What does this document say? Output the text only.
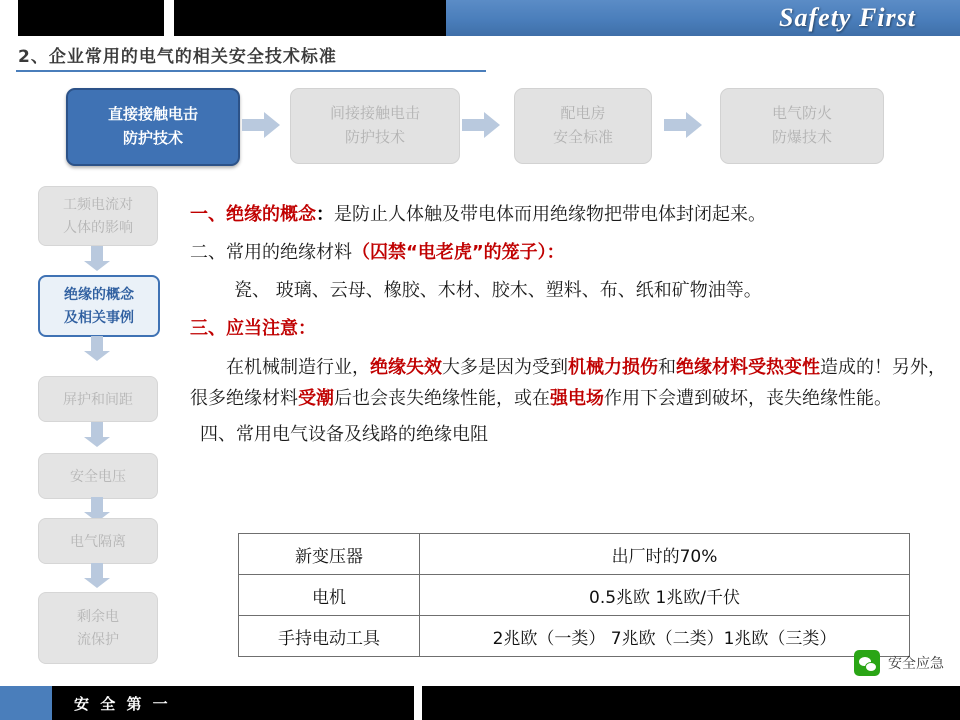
Safety First
2、企业常用的电气的相关安全技术标准
直接接触电击
防护技术
间接接触电击
防护技术
配电房
安全标准
电气防火
防爆技术
工频电流对
人体的影响
绝缘的概念
及相关事例
屏护和间距
安全电压
电气隔离
剩余电
流保护
一、绝缘的概念：是防止人体触及带电体而用绝缘物把带电体封闭起来。
二、常用的绝缘材料（囚禁“电老虎”的笼子）：
瓷、 玻璃、云母、橡胶、木材、胶木、塑料、布、纸和矿物油等。
三、应当注意：
在机械制造行业，绝缘失效大多是因为受到机械力损伤和绝缘材料受热变性造成的！另外，很多绝缘材料受潮后也会丧失绝缘性能，或在强电场作用下会遭到破坏，丧失绝缘性能。
四、常用电气设备及线路的绝缘电阻
新变压器	出厂时的70%
电机	0.5兆欧 1兆欧/千伏
手持电动工具	2兆欧（一类） 7兆欧（二类）1兆欧（三类）
安全应急
安 全 第 一
